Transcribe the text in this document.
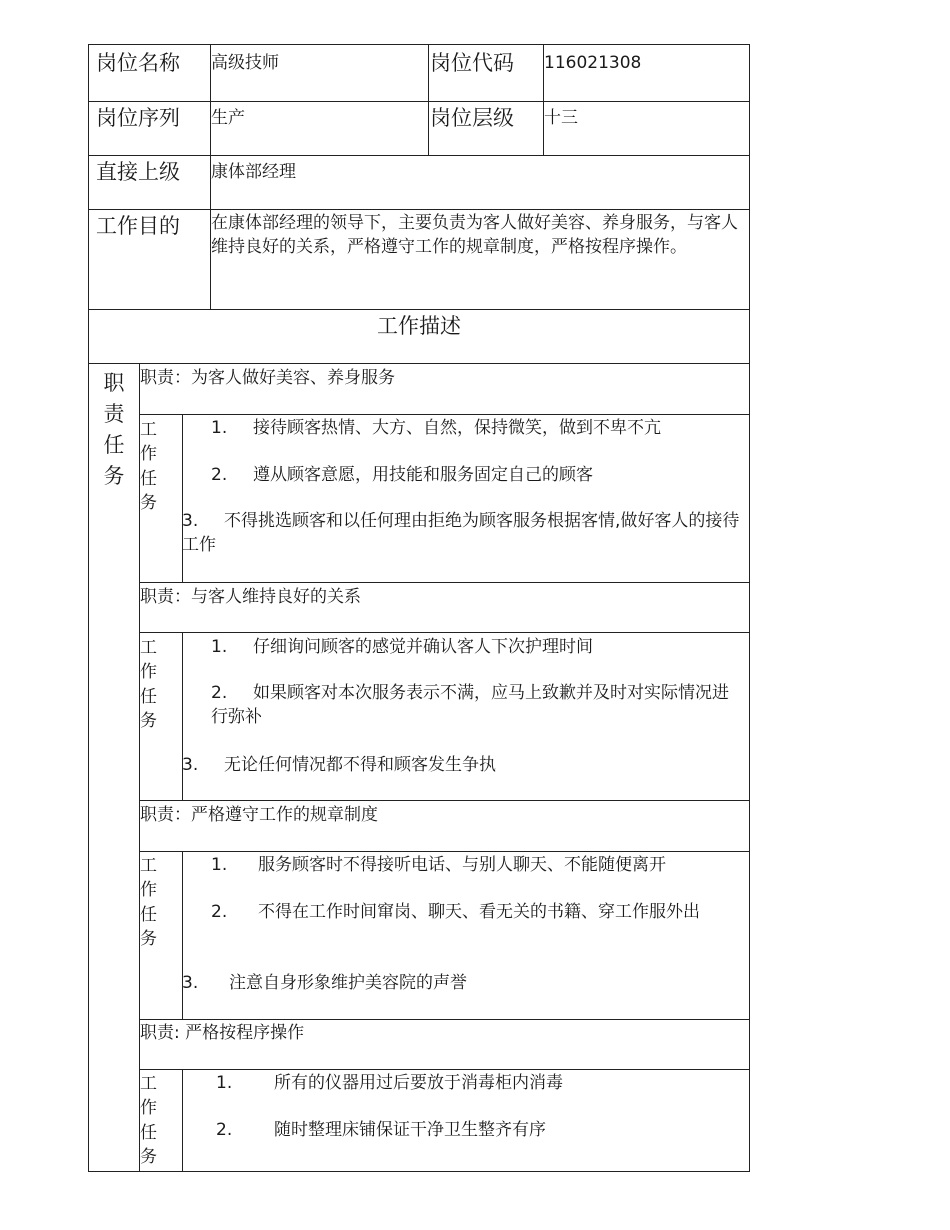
岗位名称 高级技师	岗位代码 116021308
岗位序列 生产	岗位层级 十三
直接上级 康体部经理
工作目的 在康体部经理的领导下，主要负责为客人做好美容、养身服务，与客人维持良好的关系，严格遵守工作的规章制度，严格按程序操作。
工作描述
职
责
任
务
职责：为客人做好美容、养身服务
工
作
任
务
1. 接待顾客热情、大方、自然，保持微笑，做到不卑不亢
2. 遵从顾客意愿，用技能和服务固定自己的顾客
3. 不得挑选顾客和以任何理由拒绝为顾客服务根据客情,做好客人的接待工作
职责：与客人维持良好的关系
工
作
任
务
1. 仔细询问顾客的感觉并确认客人下次护理时间
2. 如果顾客对本次服务表示不满，应马上致歉并及时对实际情况进行弥补
3. 无论任何情况都不得和顾客发生争执
职责：严格遵守工作的规章制度
工
作
任
务
1. 服务顾客时不得接听电话、与别人聊天、不能随便离开
2. 不得在工作时间窜岗、聊天、看无关的书籍、穿工作服外出
3. 注意自身形象维护美容院的声誉
职责: 严格按程序操作
工
作
任
务
1. 所有的仪器用过后要放于消毒柜内消毒
2. 随时整理床铺保证干净卫生整齐有序
